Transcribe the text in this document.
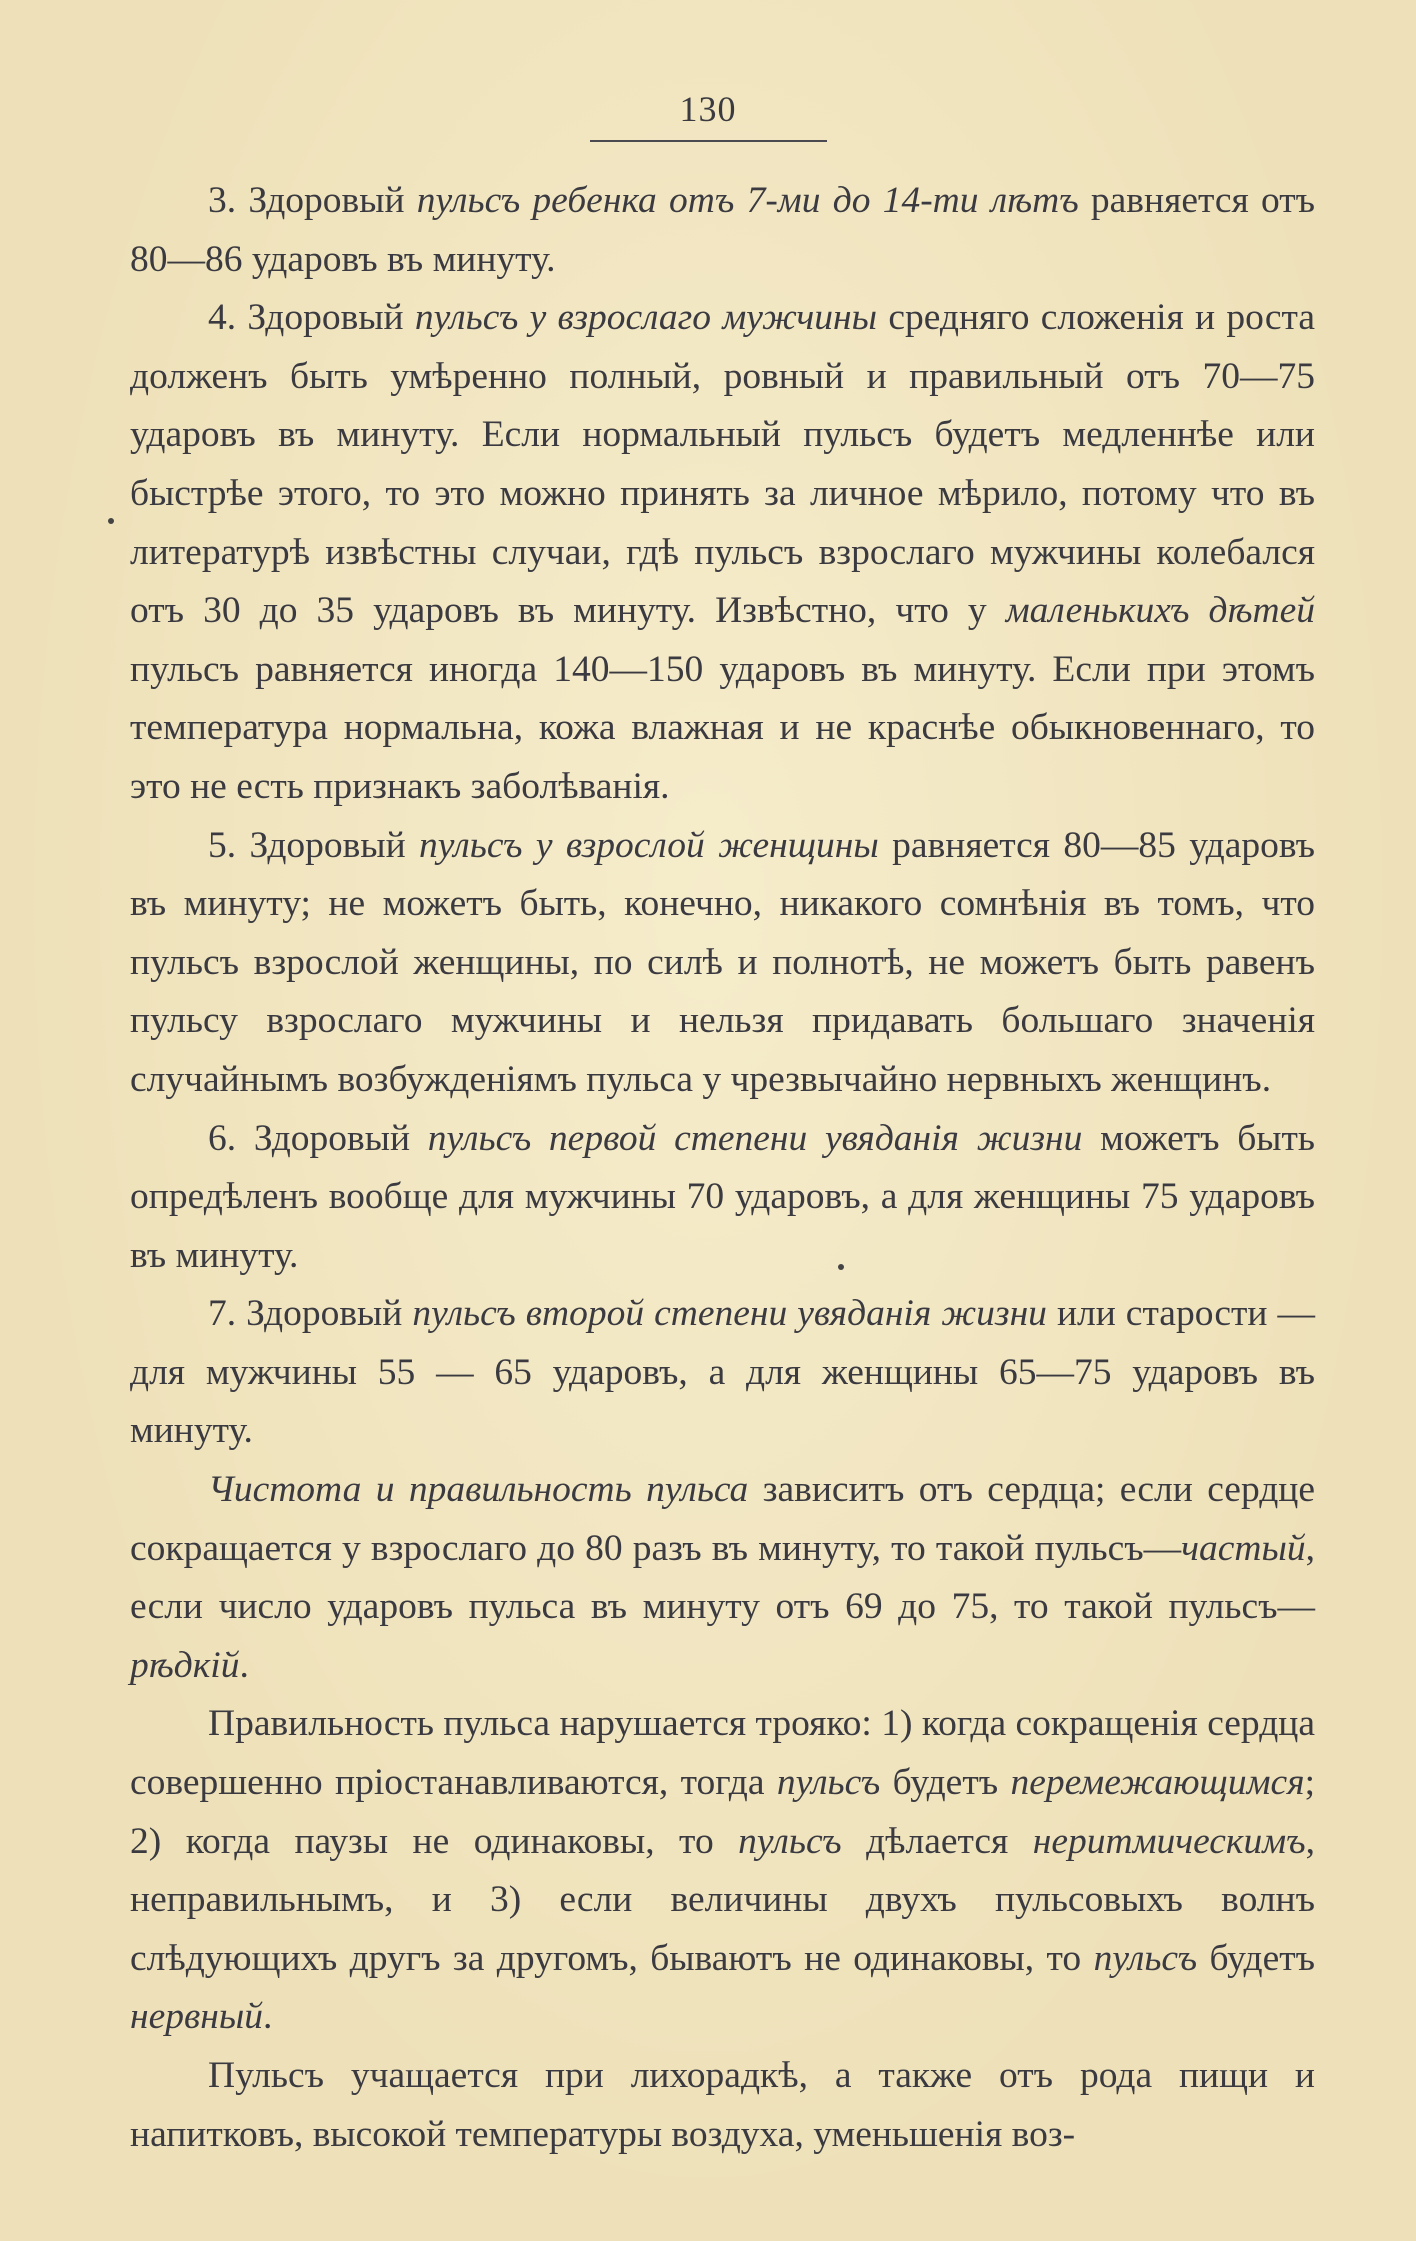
130

3. Здоровый пульсъ ребенка отъ 7-ми до 14-ти лѣтъ равняется отъ 80—86 ударовъ въ минуту.

4. Здоровый пульсъ у взрослаго мужчины средняго сложенія и роста долженъ быть умѣренно полный, ровный и правильный отъ 70—75 ударовъ въ минуту. Если нормальный пульсъ будетъ медленнѣе или быстрѣе этого, то это можно принять за личное мѣрило, потому что въ литературѣ извѣстны случаи, гдѣ пульсъ взрослаго мужчины колебался отъ 30 до 35 ударовъ въ минуту. Извѣстно, что у маленькихъ дѣтей пульсъ равняется иногда 140—150 ударовъ въ минуту. Если при этомъ температура нормальна, кожа влажная и не краснѣе обыкновеннаго, то это не есть признакъ заболѣванія.

5. Здоровый пульсъ у взрослой женщины равняется 80—85 ударовъ въ минуту; не можетъ быть, конечно, никакого сомнѣнія въ томъ, что пульсъ взрослой женщины, по силѣ и полнотѣ, не можетъ быть равенъ пульсу взрослаго мужчины и нельзя придавать большаго значенія случайнымъ возбужденіямъ пульса у чрезвычайно нервныхъ женщинъ.

6. Здоровый пульсъ первой степени увяданія жизни можетъ быть опредѣленъ вообще для мужчины 70 ударовъ, а для женщины 75 ударовъ въ минуту.

7. Здоровый пульсъ второй степени увяданія жизни или старости — для мужчины 55 — 65 ударовъ, а для женщины 65—75 ударовъ въ минуту.

Чистота и правильность пульса зависитъ отъ сердца; если сердце сокращается у взрослаго до 80 разъ въ минуту, то такой пульсъ—частый, если число ударовъ пульса въ минуту отъ 69 до 75, то такой пульсъ—рѣдкій.

Правильность пульса нарушается трояко: 1) когда сокращенія сердца совершенно пріостанавливаются, тогда пульсъ будетъ перемежающимся; 2) когда паузы не одинаковы, то пульсъ дѣлается неритмическимъ, неправильнымъ, и 3) если величины двухъ пульсовыхъ волнъ слѣдующихъ другъ за другомъ, бываютъ не одинаковы, то пульсъ будетъ нервный.

Пульсъ учащается при лихорадкѣ, а также отъ рода пищи и напитковъ, высокой температуры воздуха, уменьшенія воз-
